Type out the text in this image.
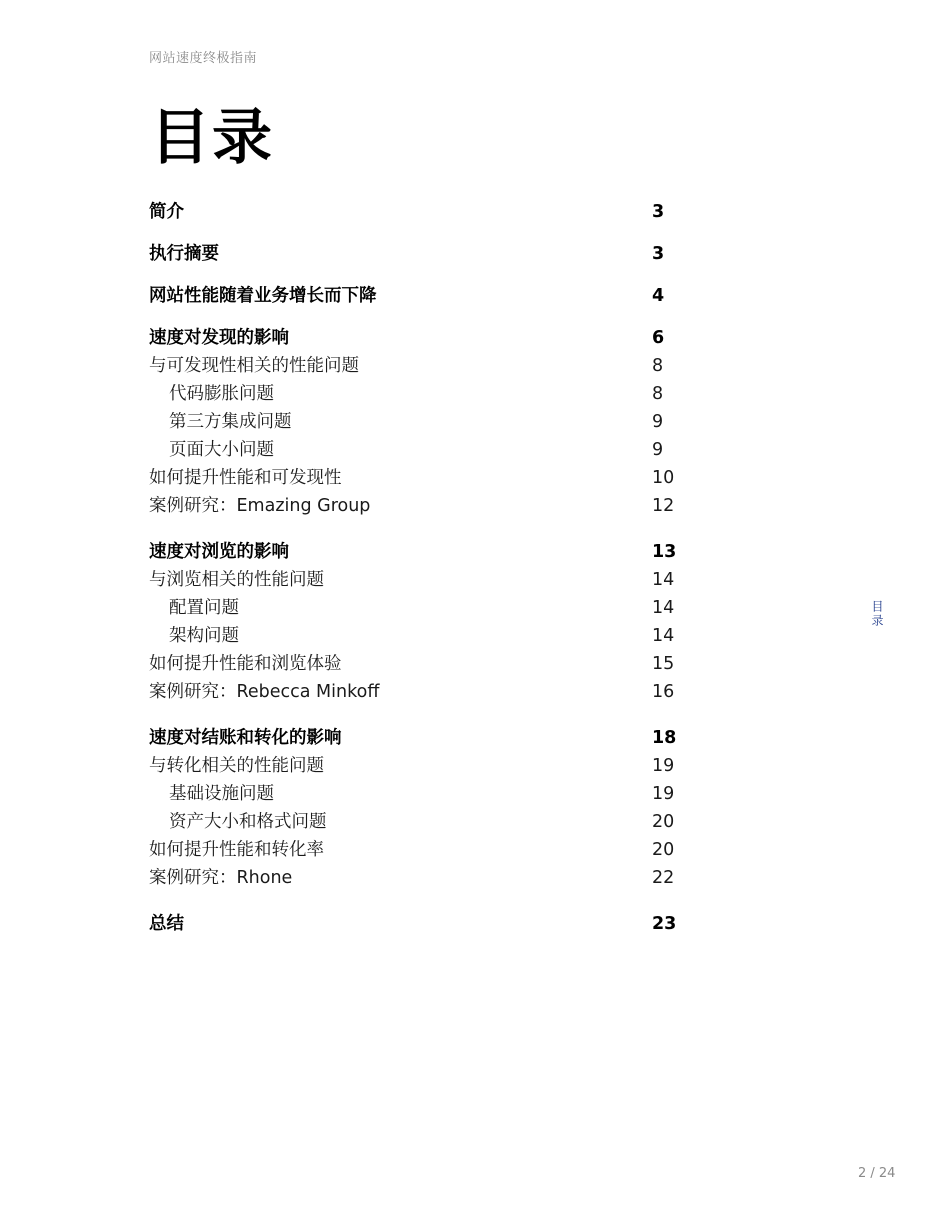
网站速度终极指南
目录
简介	3
执行摘要	3
网站性能随着业务增长而下降	4
速度对发现的影响	6
与可发现性相关的性能问题	8
代码膨胀问题	8
第三方集成问题	9
页面大小问题	9
如何提升性能和可发现性	10
案例研究：Emazing Group	12
速度对浏览的影响	13
与浏览相关的性能问题	14
配置问题	14
架构问题	14
如何提升性能和浏览体验	15
案例研究：Rebecca Minkoff	16
速度对结账和转化的影响	18
与转化相关的性能问题	19
基础设施问题	19
资产大小和格式问题	20
如何提升性能和转化率	20
案例研究：Rhone	22
总结	23
目录
2 / 24
